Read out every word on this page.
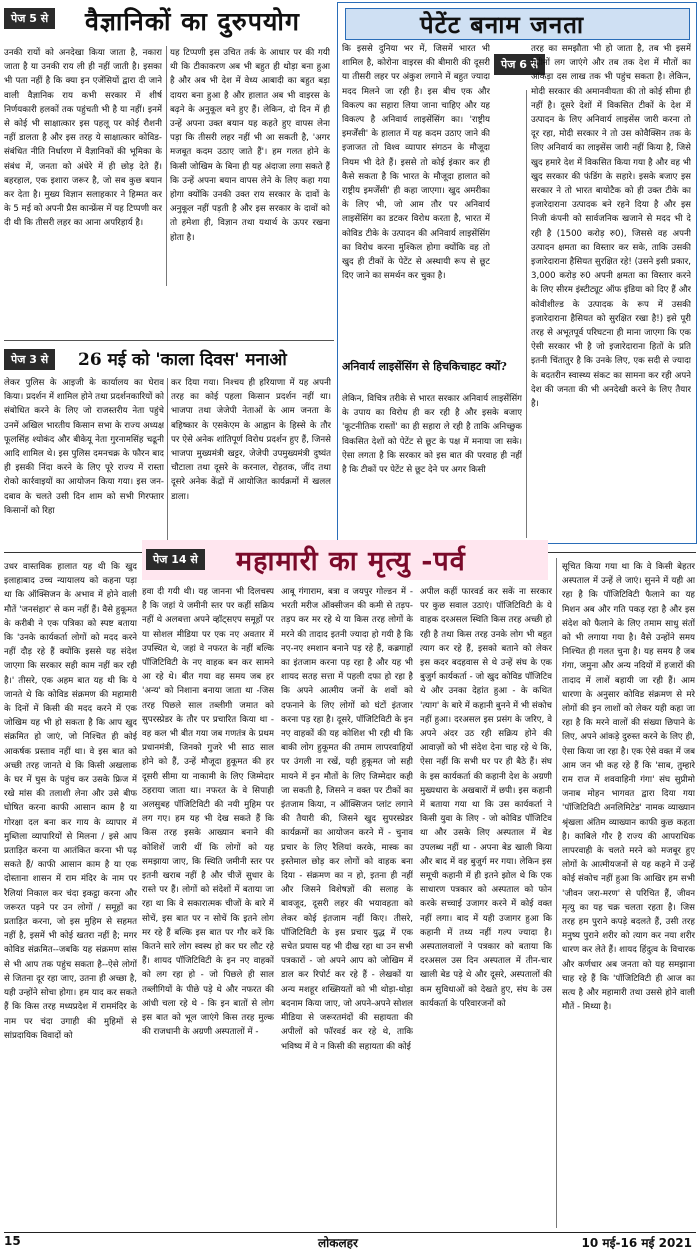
पेज 5 से वैज्ञानिकों का दुरुपयोग
उनकी रायों को अनदेखा किया जाता है, नकारा जाता है या उनकी राय ली ही नहीं जाती है। इसका भी पता नहीं है कि क्या इन एजेंसियों द्वारा दी जाने वाली वैज्ञानिक राय कभी सरकार में शीर्ष निर्णयकारी हलकों तक पहुंचती भी है या नहीं। इनमें से कोई भी साक्षात्कार इस पहलू पर कोई रौशनी नहीं डालता है और इस तरह ये साक्षात्कार कोविड-संबंधित नीति निर्धारण में वैज्ञानिकों की भूमिका के संबंध में, जनता को अंधेरे में ही छोड़ देते हैं। बहरहाल, एक इशारा जरूर है, जो सब कुछ बयान कर देता है। मुख्य विज्ञान सलाहकार ने हिम्मत कर के 5 मई को अपनी प्रैस कान्फ्रेंस में यह टिप्पणी कर दी थी कि तीसरी लहर का आना अपरिहार्य है।
यह टिप्पणी इस उचित तर्क के आधार पर की गयी थी कि टीकाकरण अब भी बहुत ही थोड़ा बना हुआ है और अब भी देश में वेध्य आबादी का बहुत बड़ा दायरा बना हुआ है और हालात अब भी वाइरस के बढ़ने के अनुकूल बने हुए हैं। लेकिन, दो दिन में ही उन्हें अपना उक्त बयान यह कहते हुए वापस लेना पड़ा कि तीसरी लहर नहीं भी आ सकती है, 'अगर मजबूत कदम उठाए जाते हैं'। हम गलत होने के किसी जोखिम के बिना ही यह अंदाजा लगा सकते हैं कि उन्हें अपना बयान वापस लेने के लिए कहा गया होगा क्योंकि उनकी उक्त राय सरकार के दावों के अनुकूल नहीं पड़ती है और इस सरकार के दावों को तो हमेशा ही, विज्ञान तथा यथार्थ के ऊपर रखना होता है।
पेज 3 से	26 मई को 'काला दिवस' मनाओ
लेकर पुलिस के आइजी के कार्यालय का घेराव किया। प्रदर्शन में शामिल होने तथा प्रदर्शनकारियों को संबोधित करने के लिए जो राजस्तरीय नेता पहुंचे उनमें अखिल भारतीय किसान सभा के राज्य अध्यक्ष फूलसिंह श्योकंद और बीकेयू नेता गुरनामसिंह चढूनी आदि शामिल थे। इस पुलिस दमनचक्र के फौरन बाद ही इसकी निंदा करने के लिए पूरे राज्य में रास्ता रोको कार्रवाइयों का आयोजन किया गया। इस जन-दबाव के चलते उसी दिन शाम को सभी गिरफ्तार किसानों को रिहा
कर दिया गया। निश्चय ही हरियाणा में यह अपनी तरह का कोई पहला किसान प्रदर्शन नहीं था। भाजपा तथा जेजेपी नेताओं के आम जनता के बहिष्कार के एसकेएम के आह्वान के हिस्से के तौर पर ऐसे अनेक शांतिपूर्ण विरोध प्रदर्शन हुए हैं, जिनसे भाजपा मुख्यमंत्री खट्टर, जेजेपी उपमुख्यमंत्री दुष्यंत चौटाला तथा दूसरे के करनाल, रोहतक, जींद तथा दूसरे अनेक केंद्रों में आयोजित कार्यक्रमों में खलल डाला।
पेटेंट बनाम जनता
पेज 6 से
कि इससे दुनिया भर में, जिसमें भारत भी शामिल है, कोरोना वाइरस की बीमारी की दूसरी या तीसरी लहर पर अंकुश लगाने में बहुत ज्यादा मदद मिलने जा रही है। इस बीच एक और विकल्प का सहारा लिया जाना चाहिए और यह विकल्प है अनिवार्य लाइसेंसिंग का। 'राष्ट्रीय इमर्जेंसी' के हालात में यह कदम उठाए जाने की इजाजत तो विश्व व्यापार संगठन के मौजूदा नियम भी देते हैं। इससे तो कोई इंकार कर ही कैसे सकता है कि भारत के मौजूदा हालात को राष्ट्रीय इमर्जेंसी' ही कहा जाएगा। खुद अमरीका के लिए भी, जो आम तौर पर अनिवार्य लाइसेंसिंग का डटकर विरोध करता है, भारत में कोविड टीके के उत्पादन की अनिवार्य लाइसेंसिंग का विरोध करना मुश्किल होगा क्योंकि वह तो खुद ही टीकों के पेटेंट से अस्थायी रूप से छूट दिए जाने का समर्थन कर चुका है।
अनिवार्य लाइसेंसिंग से हिचकिचाहट क्यों?
लेकिन, विचित्र तरीके से भारत सरकार अनिवार्य लाइसेंसिंग के उपाय का विरोध ही कर रही है और इसके बजाए 'कूटनीतिक रास्तों' का ही सहारा ले रही है ताकि अनिच्छुक विकसित देशों को पेटेंट से छूट के पक्ष में मनाया जा सके। ऐसा लगता है कि सरकार को इस बात की परवाह ही नहीं है कि टीकों पर पेटेंट से छूट देने पर अगर किसी
तरह का समझौता भी हो जाता है, तब भी इसमें महीनों लग जाएंगे और तब तक देश में मौतों का आंकड़ा दस लाख तक भी पहुंच सकता है। लेकिन, मोदी सरकार की अमानवीयता की तो कोई सीमा ही नहीं है। दूसरे देशों में विकसित टीकों के देश में उत्पादन के लिए अनिवार्य लाइसेंस जारी करना तो दूर रहा, मोदी सरकार ने तो उस कोवैक्सिन तक के लिए अनिवार्य का लाइसेंस जारी नहीं किया है, जिसे खुद हमारे देश में विकसित किया गया है और वह भी खुद सरकार की फंडिंग के सहारे। इसके बजाए इस सरकार ने तो भारत बायोटैक को ही उक्त टीके का इजारेदाराना उत्पादक बने रहने दिया है और इस निजी कंपनी को सार्वजनिक खजाने से मदद भी दे रही है (1500 करोड़ रु0), जिससे वह अपनी उत्पादन क्षमता का विस्तार कर सके, ताकि उसकी इजारेदाराना हैसियत सुरक्षित रहे! (उसने इसी प्रकार, 3,000 करोड़ रु0 अपनी क्षमता का विस्तार करने के लिए सीरम इंस्टीट्यूट ऑफ इंडिया को दिए हैं और कोवीशील्ड के उत्पादक के रूप में उसकी इजारेदाराना हैसियत को सुरक्षित रखा है!) इसे पूरी तरह से अभूतपूर्व परिघटना ही माना जाएगा कि एक ऐसी सरकार भी है जो इजारेदाराना हितों के प्रति इतनी चिंतातुर है कि उनके लिए, एक सदी से ज्यादा के बदतरीन स्वास्थ्य संकट का सामना कर रही अपने देश की जनता की भी अनदेखी करने के लिए तैयार है।
उधर वास्तविक हालात यह थी कि खुद इलाहाबाद उच्च न्यायालय को कहना पड़ा था कि ऑक्सिजन के अभाव में होने वाली मौतें 'जनसंहार' से कम नहीं हैं। वैसे हुकूमत के करीबी ने एक पत्रिका को स्पष्ट बताया कि 'उनके कार्यकर्ता लोगों को मदद करने नहीं दौड़ रहे हैं क्योंकि इससे यह संदेश जाएगा कि सरकार सही काम नहीं कर रही है।' तीसरे, एक अहम बात यह थी कि ये जानते थे कि कोविड संक्रमण की महामारी के दिनों में किसी की मदद करने में एक जोखिम यह भी हो सकता है कि आप खुद संक्रमित हो जाएं, जो निश्चित ही कोई आकर्षक प्रस्ताव नहीं था। वे इस बात को अच्छी तरह जानते थे कि किसी अखलाक के घर में घुस के पहुंच कर उसके फ्रिज में रखे मांस की तलाशी लेना और उसे बीफ घोषित करना काफी आसान काम है या गोरक्षा दल बना कर गाय के व्यापार में मुब्तिला व्यापारियों से मिलना / इसे आप प्रताड़ित करना या आतंकित करना भी पढ़ सकते हैं/ काफी आसान काम है या एक दोस्ताना शासन में राम मंदिर के नाम पर रैलियां निकाल कर चंदा इकट्ठा करना और जरूरत पड़ने पर उन लोगों / समूहों का प्रताड़ित करना, जो इस मुहिम से सहमत नहीं है, इसमें भी कोई खतरा नहीं है; मगर कोविड संक्रमित--जबकि यह संक्रमण सांस से भी आप तक पहुंच सकता है--ऐसे लोगों से जितना दूर रहा जाए, उतना ही अच्छा है, यही उन्होंने सोचा होगा। हम याद कर सकते हैं कि किस तरह मध्यप्रदेश में राममंदिर के नाम पर चंदा उगाही की मुहिमों से सांप्रदायिक विवादों को
पेज 14 से महामारी का मृत्यु -पर्व
हवा दी गयी थी। यह जानना भी दिलचस्प है कि जहां ये जमीनी स्तर पर कहीं सक्रिय नहीं थे अलबत्ता अपने व्हॉट्सएप समूहों पर या सोशल मीडिया पर एक नए अवतार में उपस्थित थे, जहां वे नफरत के नहीं बल्कि पॉजिटिविटी के नए वाहक बन कर सामने आ रहे थे। बीत गया वह समय जब हर 'अन्य' को निशाना बनाया जाता था -जिस तरह पिछले साल तब्लीगी जमात को सुपरस्प्रेडर के तौर पर प्रचारित किया था - वह कल भी बीत गया जब गणतंत्र के प्रथम प्रधानमंत्री, जिनको गुजरे भी साठ साल होने को हैं, उन्हें मौजूदा हुकूमत की हर दूसरी सीमा या नाकामी के लिए जिम्मेदार ठहराया जाता था। नफरत के वे सिपाही अलसुबह पॉजिटिविटी की नयी मुहिम पर लग गए। हम यह भी देख सकते हैं कि किस तरह इसके आख्यान बनाने की कोशिशें जारी थीं कि लोगों को यह समझाया जाए, कि स्थिति जमीनी स्तर पर इतनी खराब नहीं है और चीजें सुधार के रास्ते पर हैं। लोगों को संदेशों में बताया जा रहा था कि वे सकारात्मक चीजों के बारे में सोचें, इस बात पर न सोचें कि इतने लोग मर रहे हैं बल्कि इस बात पर गौर करें कि कितने सारे लोग स्वस्थ हो कर घर लौट रहे हैं। शायद पॉजिटिविटी के इन नए वाहकों को लग रहा हो - जो पिछले ही साल तब्लीगियों के पीछे पड़े थे और नफरत की आंधी चला रहे थे - कि इन बातों से लोग इस बात को भूल जाएंगे किस तरह मुल्क की राजधानी के अग्रणी अस्पतालों में -
आबू गंगाराम, बत्रा व जयपुर गोल्डन में - भरती मरीज ऑक्सीजन की कमी से तड़प-तड़प कर मर रहे थे या किस तरह लोगों के मरने की तादाद इतनी ज्यादा हो गयी है कि नए-नए श्मशान बनाने पड़ रहे हैं, कब्रगाहों का इंतजाम करना पड़ रहा है और यह भी शायद सतह सत्ता में पहली दफा हो रहा है कि अपने आत्मीय जनों के शवों को दफनाने के लिए लोगों को घंटों इंतजार करना पड़ रहा है। दूसरे, पॉजिटिविटी के इन नए वाहकों की यह कोशिश भी रही थी कि बाकी लोग हुकूमत की तमाम लापरवाहियों पर उंगली ना रखें, यही हुकूमत जो सही मायने में इन मौतों के लिए जिम्मेदार कही जा सकती है, जिसने न वक्त पर टीकों का इंतजाम किया, न ऑक्सिजन प्लांट लगाने की तैयारी की, जिसने खुद सुपरस्प्रेडर कार्यक्रमों का आयोजन करने में - चुनाव प्रचार के लिए रैलियां करके, मास्क का इस्तेमाल छोड़ कर लोगों को वाहक बना दिया - संक्रमण का न हो, इतना ही नहीं और जिसने विशेषज्ञों की सलाह के बावजूद, दूसरी लहर की भयावहता को लेकर कोई इंतजाम नहीं किए। तीसरे, पॉजिटिविटी के इस प्रचार युद्ध में एक सचेत प्रयास यह भी दीख रहा था उन सभी पत्रकारों - जो अपने आप को जोखिम में डाल कर रिपोर्ट कर रहे हैं - लेखकों या अन्य मशहूर शख्सियतों को भी थोड़ा-थोड़ा बदनाम किया जाए, जो अपने-अपने सोशल मीडिया से जरूरतमंदों की सहायता की अपीलों को फॉरवर्ड कर रहे थे, ताकि भविष्य में वे न किसी की सहायता की कोई
अपील कहीं फारवर्ड कर सकें ना सरकार पर कुछ सवाल उठाएं। पॉजिटिविटी के ये वाहक दरअसल स्थिति किस तरह अच्छी हो रही है तथा किस तरह उनके लोग भी बहुत त्याग कर रहे हैं, इसको बताने को लेकर इस कदर बदहवास से थे उन्हें संघ के एक बुजुर्ग कार्यकर्ता - जो खुद कोविड पॉजिटिव थे और उनका देहांत हुआ - के कथित 'त्याग' के बारे में कहानी बुनने में भी संकोच नहीं हुआ। दरअसल इस प्रसंग के जरिए, वे अपने अंदर उठ रही सक्रिय होने की आवाज़ों को भी संदेश देना चाह रहे थे कि, ऐसा नहीं कि सभी घर पर ही बैठे हैं। संघ के इस कार्यकर्ता की कहानी देश के अग्रणी मुख्यधारा के अखबारों में छपी। इस कहानी में बताया गया था कि उस कार्यकर्ता ने किसी युवा के लिए - जो कोविड पॉजिटिव था और उसके लिए अस्पताल में बेड उपलब्ध नहीं था - अपना बेड खाली किया और बाद में वह बुजुर्ग मर गया। लेकिन इस समूची कहानी में ही इतने झोल थे कि एक साधारण पत्रकार को अस्पताल को फोन करके सच्चाई उजागर करने में कोई वक्त नहीं लगा। बाद में यही उजागर हुआ कि कहानी में तथ्य नहीं गल्प ज्यादा है। अस्पतालवालों ने पत्रकार को बताया कि दरअसल उस दिन अस्पताल में तीन-चार खाली बेड पड़े थे और दूसरे, अस्पतालों की कम सुविधाओं को देखते हुए, संघ के उस कार्यकर्ता के परिवारजनों को
सूचित किया गया था कि वे किसी बेहतर अस्पताल में उन्हें ले जाएं। सुनने में यही आ रहा है कि पॉजिटिविटी फैलाने का यह मिशन अब और गति पकड़ रहा है और इस संदेश को फैलाने के लिए तमाम साधु संतों को भी लगाया गया है। वैसे उन्होंने समय निश्चित ही गलत चुना है। यह समय है जब गंगा, जमुना और अन्य नदियों में हजारों की तादाद में लाशें बहायी जा रही हैं। आम धारणा के अनुसार कोविड संक्रमण से मरे लोगों की इन लाशों को लेकर यही कहा जा रहा है कि मरने वालों की संख्या छिपाने के लिए, अपने आंकड़े दुरुस्त करने के लिए ही, ऐसा किया जा रहा है। एक ऐसे वक्त में जब आम जन भी कह रहे हैं कि 'साब, तुम्हारे राम राज में शववाहिनी गंगा' संघ सुप्रीमो जनाब मोहन भागवत द्वारा दिया गया 'पॉजिटिविटी अनलिमिटेड' नामक व्याख्यान श्रृंखला अंतिम व्याख्यान काफी कुछ कहता है। काबिले गौर है राज्य की आपराधिक लापरवाही के चलते मरने को मजबूर हुए लोगों के आत्मीयजनों से यह कहने में उन्हें कोई संकोच नहीं हुआ कि आखिर हम सभी 'जीवन जरा-मरण' से परिचित हैं, जीवन मृत्यु का यह चक्र चलता रहता है। जिस तरह हम पुराने कपड़े बदलते हैं, उसी तरह मनुष्य पुराने शरीर को त्याग कर नया शरीर धारण कर लेते हैं। शायद हिंदुत्व के विचारक और कर्णधार अब जनता को यह समझाना चाह रहे हैं कि 'पॉजिटिविटी ही आज का सत्य है और महामारी तथा उससे होने वाली मौतें - मिथ्या है।
15	लोकलहर	10 मई-16 मई 2021
